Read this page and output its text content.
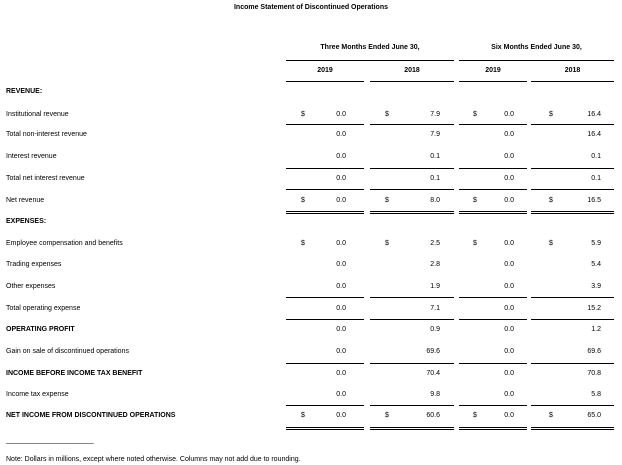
Income Statement of Discontinued Operations
Three Months Ended June 30,	Six Months Ended June 30,
2019	2018	2019	2018
REVENUE:
Institutional revenue	$	0.0	$	7.9	$	0.0	$	16.4
Total non-interest revenue	0.0	7.9	0.0	16.4
Interest revenue	0.0	0.1	0.0	0.1
Total net interest revenue	0.0	0.1	0.0	0.1
Net revenue	$	0.0	$	8.0	$	0.0	$	16.5
EXPENSES:
Employee compensation and benefits	$	0.0	$	2.5	$	0.0	$	5.9
Trading expenses	0.0	2.8	0.0	5.4
Other expenses	0.0	1.9	0.0	3.9
Total operating expense	0.0	7.1	0.0	15.2
OPERATING PROFIT	0.0	0.9	0.0	1.2
Gain on sale of discontinued operations	0.0	69.6	0.0	69.6
INCOME BEFORE INCOME TAX BENEFIT	0.0	70.4	0.0	70.8
Income tax expense	0.0	9.8	0.0	5.8
NET INCOME FROM DISCONTINUED OPERATIONS	$	0.0	$	60.6	$	0.0	$	65.0
______________________________
Note: Dollars in millions, except where noted otherwise. Columns may not add due to rounding.
